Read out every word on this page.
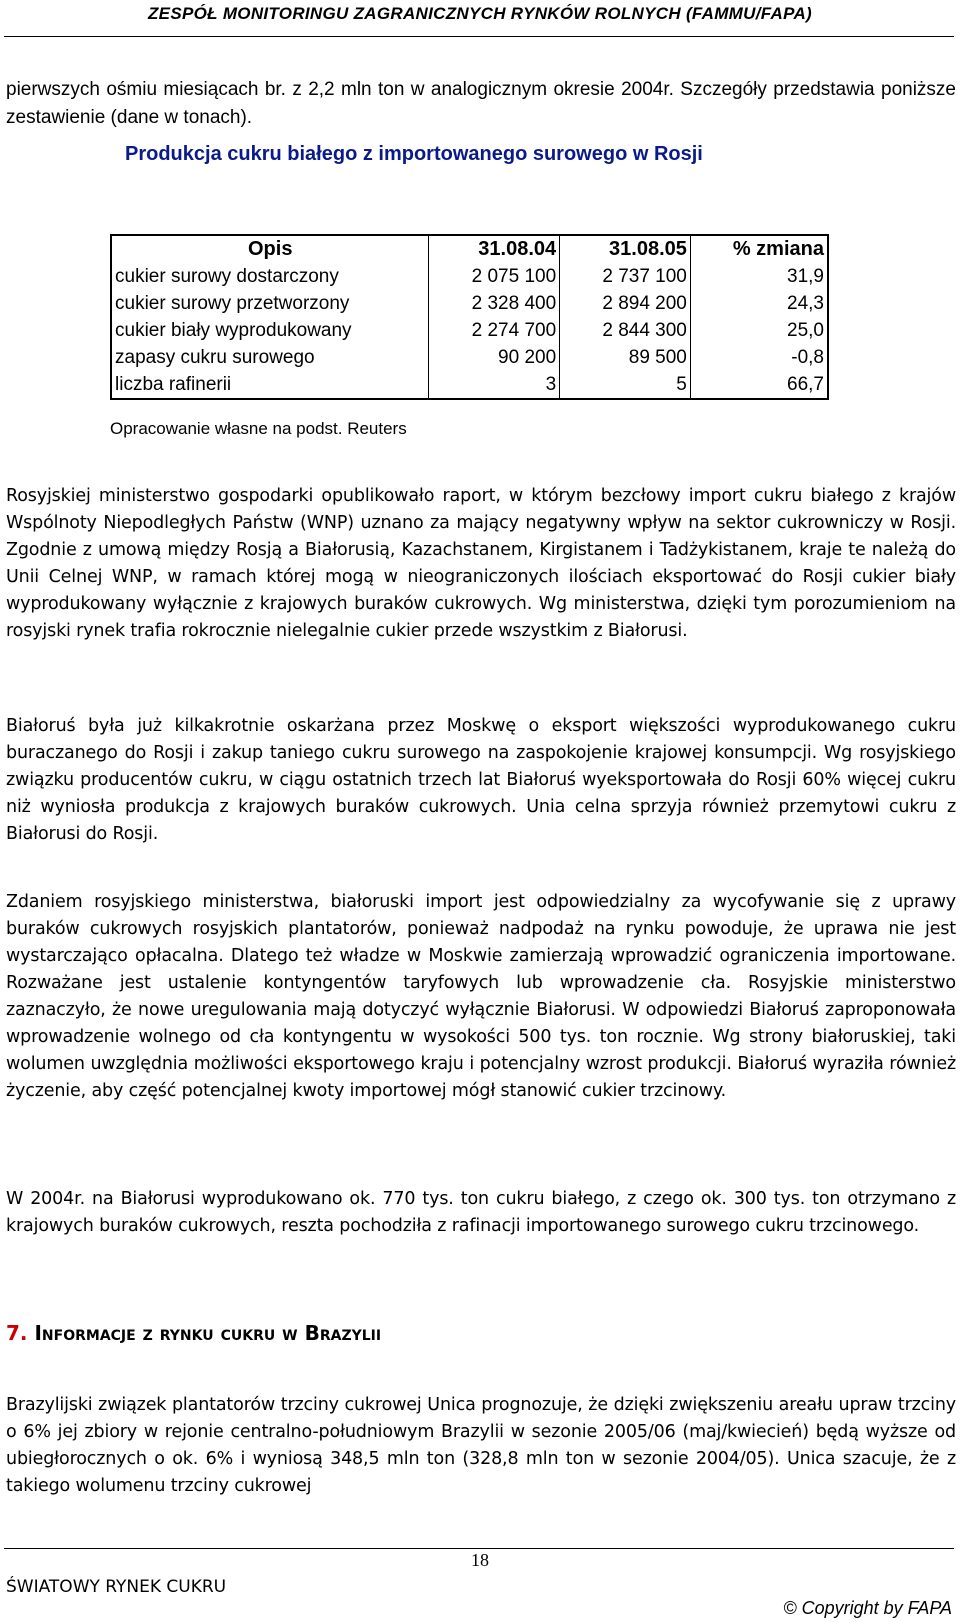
ZESPÓŁ MONITORINGU ZAGRANICZNYCH RYNKÓW ROLNYCH (FAMMU/FAPA)

pierwszych ośmiu miesiącach br. z 2,2 mln ton w analogicznym okresie 2004r. Szczegóły przedstawia poniższe zestawienie (dane w tonach).

Produkcja cukru białego z importowanego surowego w Rosji
Opis	31.08.04	31.08.05	% zmiana
cukier surowy dostarczony	2 075 100	2 737 100	31,9
cukier surowy przetworzony	2 328 400	2 894 200	24,3
cukier biały wyprodukowany	2 274 700	2 844 300	25,0
zapasy cukru surowego	90 200	89 500	-0,8
liczba rafinerii	3	5	66,7
Opracowanie własne na podst. Reuters

Rosyjskiej ministerstwo gospodarki opublikowało raport, w którym bezcłowy import cukru białego z krajów Wspólnoty Niepodległych Państw (WNP) uznano za mający negatywny wpływ na sektor cukrowniczy w Rosji. Zgodnie z umową między Rosją a Białorusią, Kazachstanem, Kirgistanem i Tadżykistanem, kraje te należą do Unii Celnej WNP, w ramach której mogą w nieograniczonych ilościach eksportować do Rosji cukier biały wyprodukowany wyłącznie z krajowych buraków cukrowych. Wg ministerstwa, dzięki tym porozumieniom na rosyjski rynek trafia rokrocznie nielegalnie cukier przede wszystkim z Białorusi.

Białoruś była już kilkakrotnie oskarżana przez Moskwę o eksport większości wyprodukowanego cukru buraczanego do Rosji i zakup taniego cukru surowego na zaspokojenie krajowej konsumpcji. Wg rosyjskiego związku producentów cukru, w ciągu ostatnich trzech lat Białoruś wyeksportowała do Rosji 60% więcej cukru niż wyniosła produkcja z krajowych buraków cukrowych. Unia celna sprzyja również przemytowi cukru z Białorusi do Rosji.

Zdaniem rosyjskiego ministerstwa, białoruski import jest odpowiedzialny za wycofywanie się z uprawy buraków cukrowych rosyjskich plantatorów, ponieważ nadpodaż na rynku powoduje, że uprawa nie jest wystarczająco opłacalna. Dlatego też władze w Moskwie zamierzają wprowadzić ograniczenia importowane. Rozważane jest ustalenie kontyngentów taryfowych lub wprowadzenie cła. Rosyjskie ministerstwo zaznaczyło, że nowe uregulowania mają dotyczyć wyłącznie Białorusi. W odpowiedzi Białoruś zaproponowała wprowadzenie wolnego od cła kontyngentu w wysokości 500 tys. ton rocznie. Wg strony białoruskiej, taki wolumen uwzględnia możliwości eksportowego kraju i potencjalny wzrost produkcji. Białoruś wyraziła również życzenie, aby część potencjalnej kwoty importowej mógł stanowić cukier trzcinowy.

W 2004r. na Białorusi wyprodukowano ok. 770 tys. ton cukru białego, z czego ok. 300 tys. ton otrzymano z krajowych buraków cukrowych, reszta pochodziła z rafinacji importowanego surowego cukru trzcinowego.

7. Informacje z rynku cukru w Brazylii

Brazylijski związek plantatorów trzciny cukrowej Unica prognozuje, że dzięki zwiększeniu areału upraw trzciny o 6% jej zbiory w rejonie centralno-południowym Brazylii w sezonie 2005/06 (maj/kwiecień) będą wyższe od ubiegłorocznych o ok. 6% i wyniosą 348,5 mln ton (328,8 mln ton w sezonie 2004/05). Unica szacuje, że z takiego wolumenu trzciny cukrowej

18
ŚWIATOWY RYNEK CUKRU
© Copyright by FAPA
